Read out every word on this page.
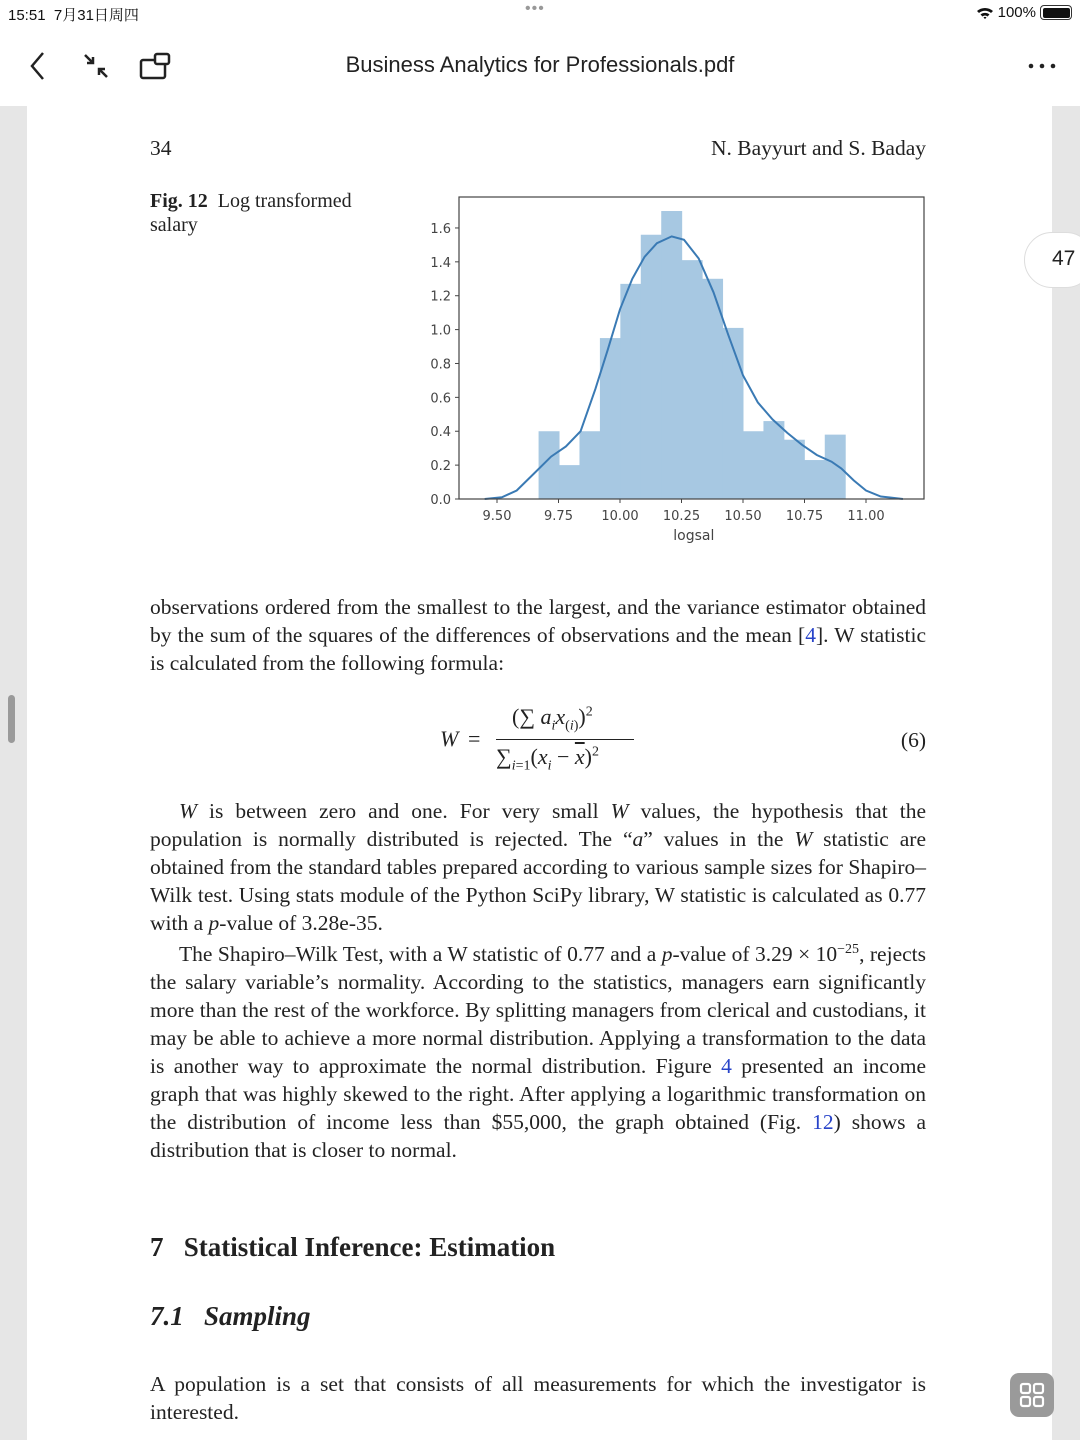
15:51 7月31日周四	•••	100%
Business Analytics for Professionals.pdf
34	N. Bayyurt and S. Baday
Fig. 12 Log transformed
salary
9.50	9.75 10.00 10.25 10.50 10.75 11.00
0.0
0.2
0.4
0.6
0.8
1.0
1.2
1.4
1.6
logsal
observations ordered from the smallest to the largest, and the variance estimator obtained by the sum of the squares of the differences of observations and the mean [4]. W statistic is calculated from the following formula:
W =
(∑ $a_ix_{(i)})^2$
$\sum_{i=1}(x_i - \overline{x})^2$
(6)
W is between zero and one. For very small W values, the hypothesis that the population is normally distributed is rejected. The “a” values in the W statistic are obtained from the standard tables prepared according to various sample sizes for Shapiro–Wilk test. Using stats module of the Python SciPy library, W statistic is calculated as 0.77 with a p-value of 3.28e-35.
The Shapiro–Wilk Test, with a W statistic of 0.77 and a p-value of $3.29 \times 10^{-25}$, rejects the salary variable’s normality. According to the statistics, managers earn significantly more than the rest of the workforce. By splitting managers from clerical and custodians, it may be able to achieve a more normal distribution. Applying a transformation to the data is another way to approximate the normal distribution. Figure 4 presented an income graph that was highly skewed to the right. After applying a logarithmic transformation on the distribution of income less than $55,000, the graph obtained (Fig. 12) shows a distribution that is closer to normal.
7 Statistical Inference: Estimation
7.1 Sampling
A population is a set that consists of all measurements for which the investigator is interested.
47
